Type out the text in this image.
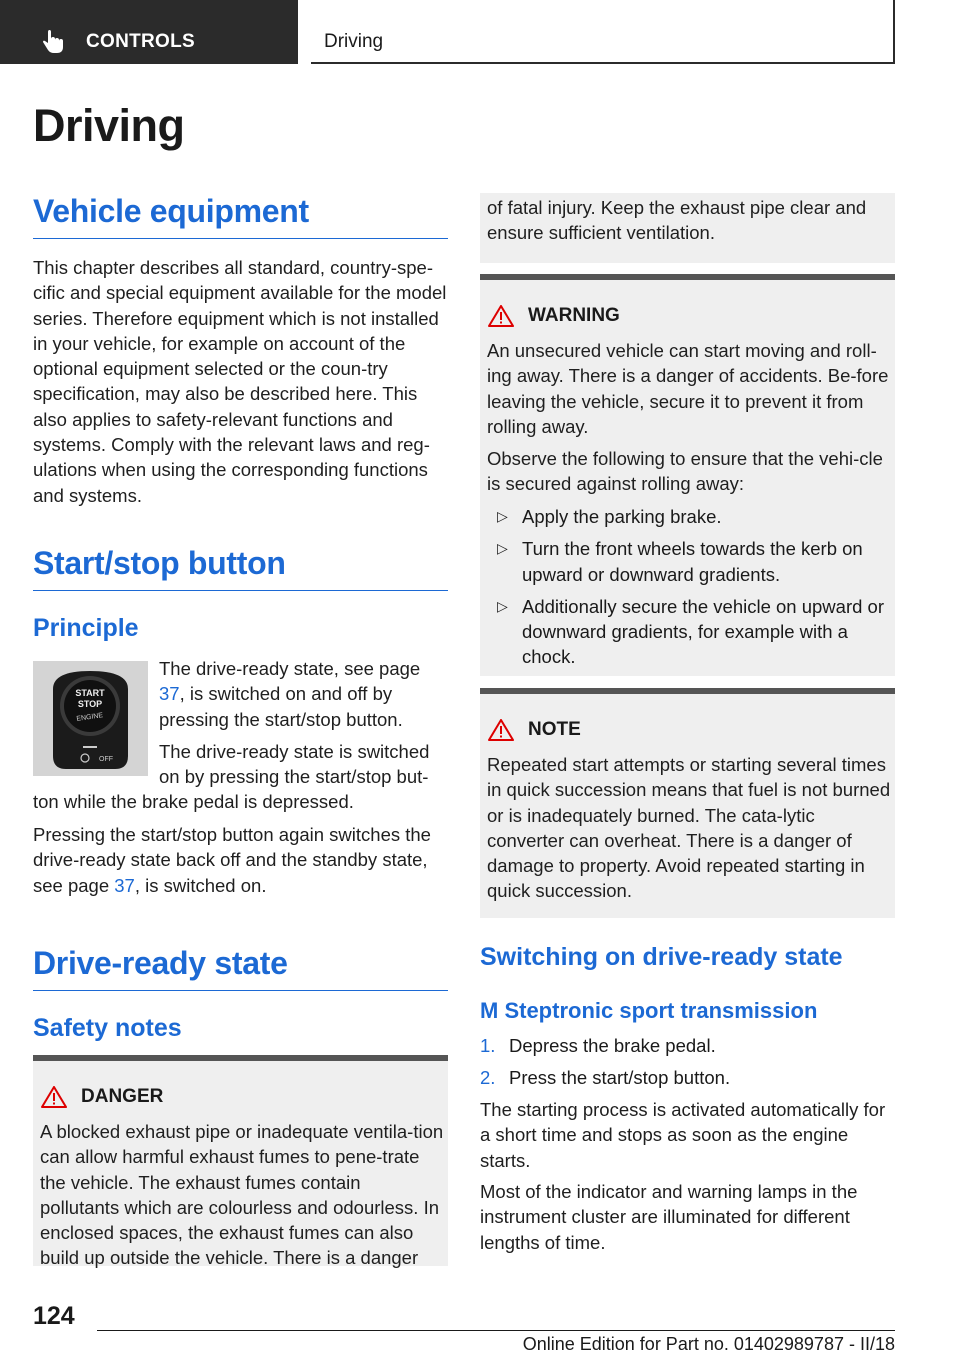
CONTROLS	Driving
Driving
Vehicle equipment

This chapter describes all standard, country-spe-cific and special equipment available for the model series. Therefore equipment which is not installed in your vehicle, for example on account of the optional equipment selected or the coun-try specification, may also be described here. This also applies to safety-relevant functions and systems. Comply with the relevant laws and reg-ulations when using the corresponding functions and systems.

Start/stop button
Principle
START
STOP
ENGINE
OFF

The drive-ready state, see page 37, is switched on and off by pressing the start/stop button.

The drive-ready state is switched on by pressing the start/stop but-

ton while the brake pedal is depressed.

Pressing the start/stop button again switches the drive-ready state back off and the standby state, see page 37, is switched on.

Drive-ready state
Safety notes
DANGER

A blocked exhaust pipe or inadequate ventila-tion can allow harmful exhaust fumes to pene-trate the vehicle. The exhaust fumes contain pollutants which are colourless and odourless. In enclosed spaces, the exhaust fumes can also build up outside the vehicle. There is a danger

of fatal injury. Keep the exhaust pipe clear and ensure sufficient ventilation.

WARNING

An unsecured vehicle can start moving and roll-ing away. There is a danger of accidents. Be-fore leaving the vehicle, secure it to prevent it from rolling away.

Observe the following to ensure that the vehi-cle is secured against rolling away:

▷ Apply the parking brake.
▷ Turn the front wheels towards the kerb on upward or downward gradients.
▷ Additionally secure the vehicle on upward or downward gradients, for example with a chock.
NOTE

Repeated start attempts or starting several times in quick succession means that fuel is not burned or is inadequately burned. The cata-lytic converter can overheat. There is a danger of damage to property. Avoid repeated starting in quick succession.

Switching on drive-ready state
M Steptronic sport transmission
1. Depress the brake pedal.
2. Press the start/stop button.

The starting process is activated automatically for a short time and stops as soon as the engine starts.

Most of the indicator and warning lamps in the instrument cluster are illuminated for different lengths of time.

124
Online Edition for Part no. 01402989787 - II/18
